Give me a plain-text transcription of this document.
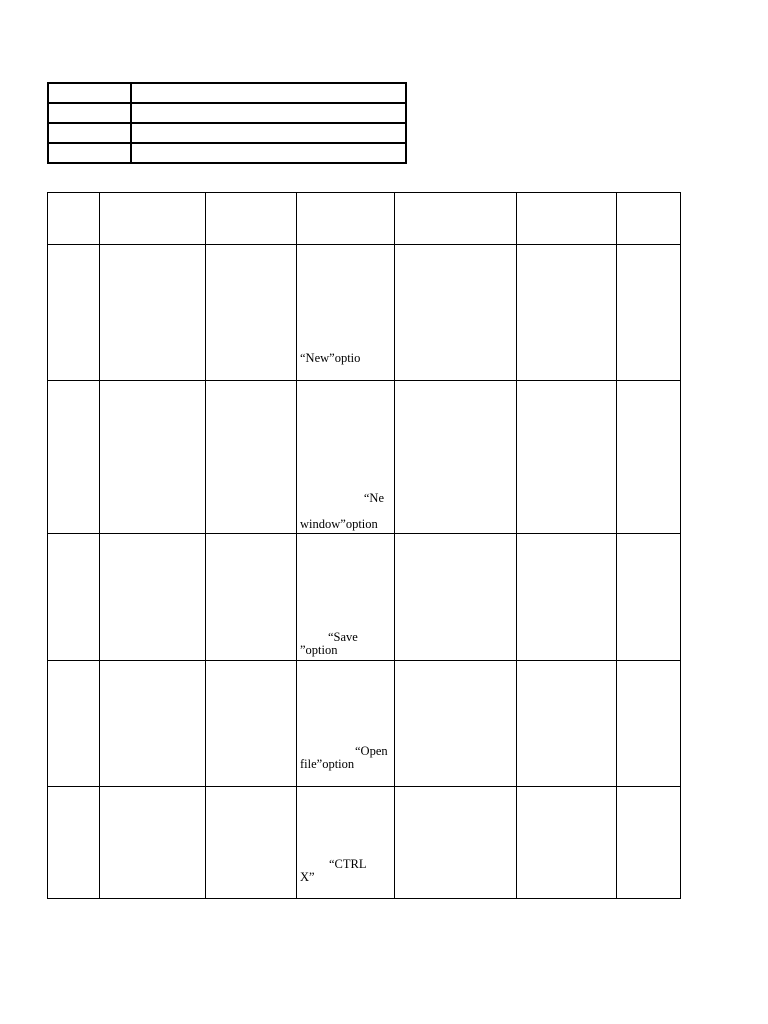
			“New”optio			

			“Ne
window”option			

			“Save
”option			

			“Open
file”option			

			“CTRL
X”			
